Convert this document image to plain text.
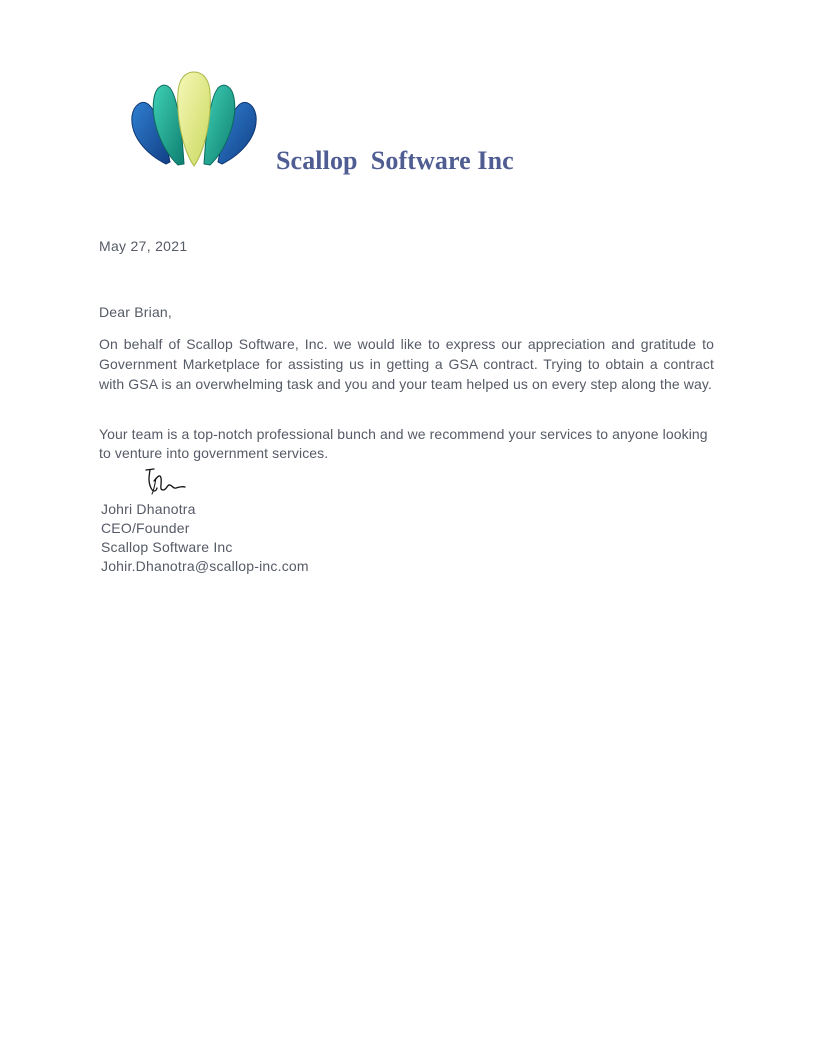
Scallop  Software Inc
May 27, 2021
Dear Brian,
On behalf of Scallop Software, Inc. we would like to express our appreciation and gratitude to Government Marketplace for assisting us in getting a GSA contract. Trying to obtain a contract with GSA is an overwhelming task and you and your team helped us on every step along the way.
Your team is a top-notch professional bunch and we recommend your services to anyone looking to venture into government services.
Johri Dhanotra
CEO/Founder
Scallop Software Inc
Johir.Dhanotra@scallop-inc.com
